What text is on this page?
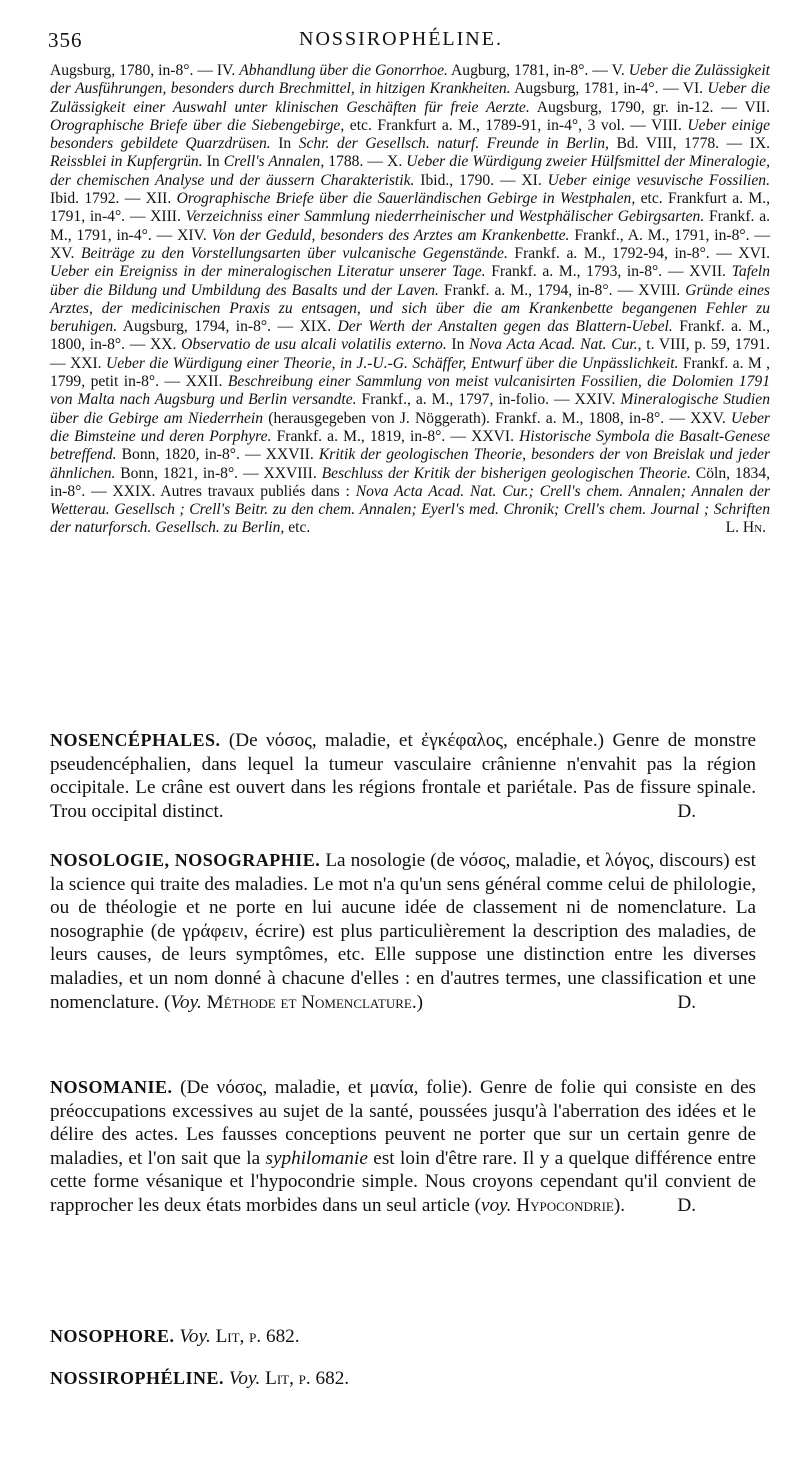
356	NOSSIROPHÉLINE.
Augsburg, 1780, in-8°. — IV. Abhandlung über die Gonorrhoe. Augburg, 1781, in-8°. — V. Ueber die Zulässigkeit der Ausführungen, besonders durch Brechmittel, in hitzigen Krankheiten. Augsburg, 1781, in-4°. — VI. Ueber die Zulässigkeit einer Auswahl unter klinischen Geschäften für freie Aerzte. Augsburg, 1790, gr. in-12. — VII. Orographische Briefe über die Siebengebirge, etc. Frankfurt a. M., 1789-91, in-4°, 3 vol. — VIII. Ueber einige besonders gebildete Quarzdrüsen. In Schr. der Gesellsch. naturf. Freunde in Berlin, Bd. VIII, 1778. — IX. Reissblei in Kupfergrün. In Crell's Annalen, 1788. — X. Ueber die Würdigung zweier Hülfsmittel der Mineralogie, der chemischen Analyse und der äussern Charakteristik. Ibid., 1790. — XI. Ueber einige vesuvische Fossilien. Ibid. 1792. — XII. Orographische Briefe über die Sauerländischen Gebirge in Westphalen, etc. Frankfurt a. M., 1791, in-4°. — XIII. Verzeichniss einer Sammlung niederrheinischer und Westphälischer Gebirgsarten. Frankf. a. M., 1791, in-4°. — XIV. Von der Geduld, besonders des Arztes am Krankenbette. Frankf., A. M., 1791, in-8°. — XV. Beiträge zu den Vorstellungsarten über vulcanische Gegenstände. Frankf. a. M., 1792-94, in-8°. — XVI. Ueber ein Ereigniss in der mineralogischen Literatur unserer Tage. Frankf. a. M., 1793, in-8°. — XVII. Tafeln über die Bildung und Umbildung des Basalts und der Laven. Frankf. a. M., 1794, in-8°. — XVIII. Gründe eines Arztes, der medicinischen Praxis zu entsagen, und sich über die am Krankenbette begangenen Fehler zu beruhigen. Augsburg, 1794, in-8°. — XIX. Der Werth der Anstalten gegen das Blattern-Uebel. Frankf. a. M., 1800, in-8°. — XX. Observatio de usu alcali volatilis externo. In Nova Acta Acad. Nat. Cur., t. VIII, p. 59, 1791. — XXI. Ueber die Würdigung einer Theorie, in J.-U.-G. Schäffer, Entwurf über die Unpässlichkeit. Frankf. a. M , 1799, petit in-8°. — XXII. Beschreibung einer Sammlung von meist vulcanisirten Fossilien, die Dolomien 1791 von Malta nach Augsburg und Berlin versandte. Frankf., a. M., 1797, in-folio. — XXIV. Mineralogische Studien über die Gebirge am Niederrhein (herausgegeben von J. Nöggerath). Frankf. a. M., 1808, in-8°. — XXV. Ueber die Bimsteine und deren Porphyre. Frankf. a. M., 1819, in-8°. — XXVI. Historische Symbola die Basalt-Genese betreffend. Bonn, 1820, in-8°. — XXVII. Kritik der geologischen Theorie, besonders der von Breislak und jeder ähnlichen. Bonn, 1821, in-8°. — XXVIII. Beschluss der Kritik der bisherigen geologischen Theorie. Cöln, 1834, in-8°. — XXIX. Autres travaux publiés dans : Nova Acta Acad. Nat. Cur.; Crell's chem. Annalen; Annalen der Wetterau. Gesellsch ; Crell's Beitr. zu den chem. Annalen; Eyerl's med. Chronik; Crell's chem. Journal ; Schriften der naturforsch. Gesellsch. zu Berlin, etc.	L. Hn.
NOSENCÉPHALES. (De νόσος, maladie, et ἐγκέφαλος, encéphale.) Genre de monstre pseudencéphalien, dans lequel la tumeur vasculaire crânienne n'envahit pas la région occipitale. Le crâne est ouvert dans les régions frontale et pariétale. Pas de fissure spinale. Trou occipital distinct.	D.
NOSOLOGIE, NOSOGRAPHIE. La nosologie (de νόσος, maladie, et λόγος, discours) est la science qui traite des maladies. Le mot n'a qu'un sens général comme celui de philologie, ou de théologie et ne porte en lui aucune idée de classement ni de nomenclature. La nosographie (de γράφειν, écrire) est plus particulièrement la description des maladies, de leurs causes, de leurs symptômes, etc. Elle suppose une distinction entre les diverses maladies, et un nom donné à chacune d'elles : en d'autres termes, une classification et une nomenclature. (Voy. Méthode et Nomenclature.)	D.
NOSOMANIE. (De νόσος, maladie, et μανία, folie). Genre de folie qui consiste en des préoccupations excessives au sujet de la santé, poussées jusqu'à l'aberration des idées et le délire des actes. Les fausses conceptions peuvent ne porter que sur un certain genre de maladies, et l'on sait que la syphilomanie est loin d'être rare. Il y a quelque différence entre cette forme vésanique et l'hypocondrie simple. Nous croyons cependant qu'il convient de rapprocher les deux états morbides dans un seul article (voy. Hypocondrie).	D.
NOSOPHORE. Voy. Lit, p. 682.
NOSSIROPHÉLINE. Voy. Lit, p. 682.
